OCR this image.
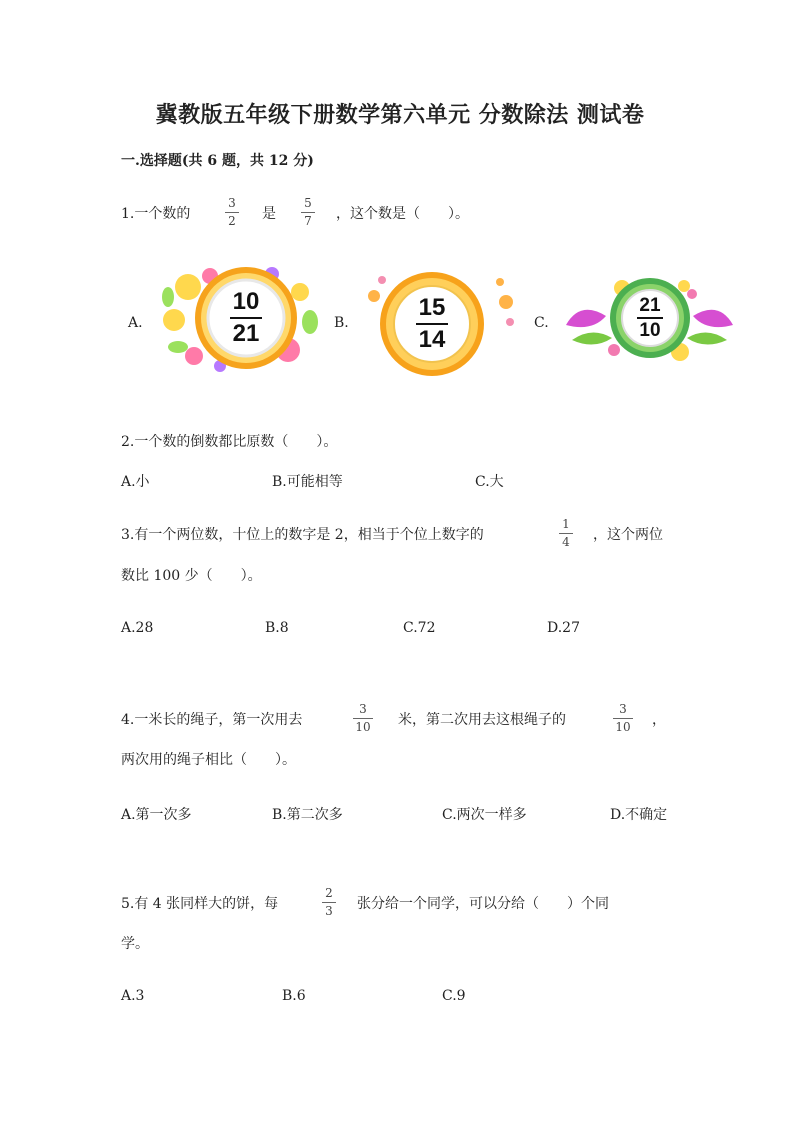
冀教版五年级下册数学第六单元 分数除法 测试卷
一.选择题(共 6 题，共 12 分)
1.一个数的
3
2 是
5
7 ，这个数是（　　）。
A.
10
21	B.
15
14
C.
21
10
2.一个数的倒数都比原数（　　）。
A.小	B.可能相等	C.大
3.有一个两位数，十位上的数字是 2，相当于个位上数字的
1
4 ，这个两位
数比 100 少（　　）。
A.28	B.8	C.72	D.27
4.一米长的绳子，第一次用去
3
10 米，第二次用去这根绳子的
3
10 ，
两次用的绳子相比（　　）。
A.第一次多	B.第二次多	C.两次一样多	D.不确定
5.有 4 张同样大的饼，每
2
3 张分给一个同学，可以分给（　　）个同
学。
A.3	B.6	C.9
